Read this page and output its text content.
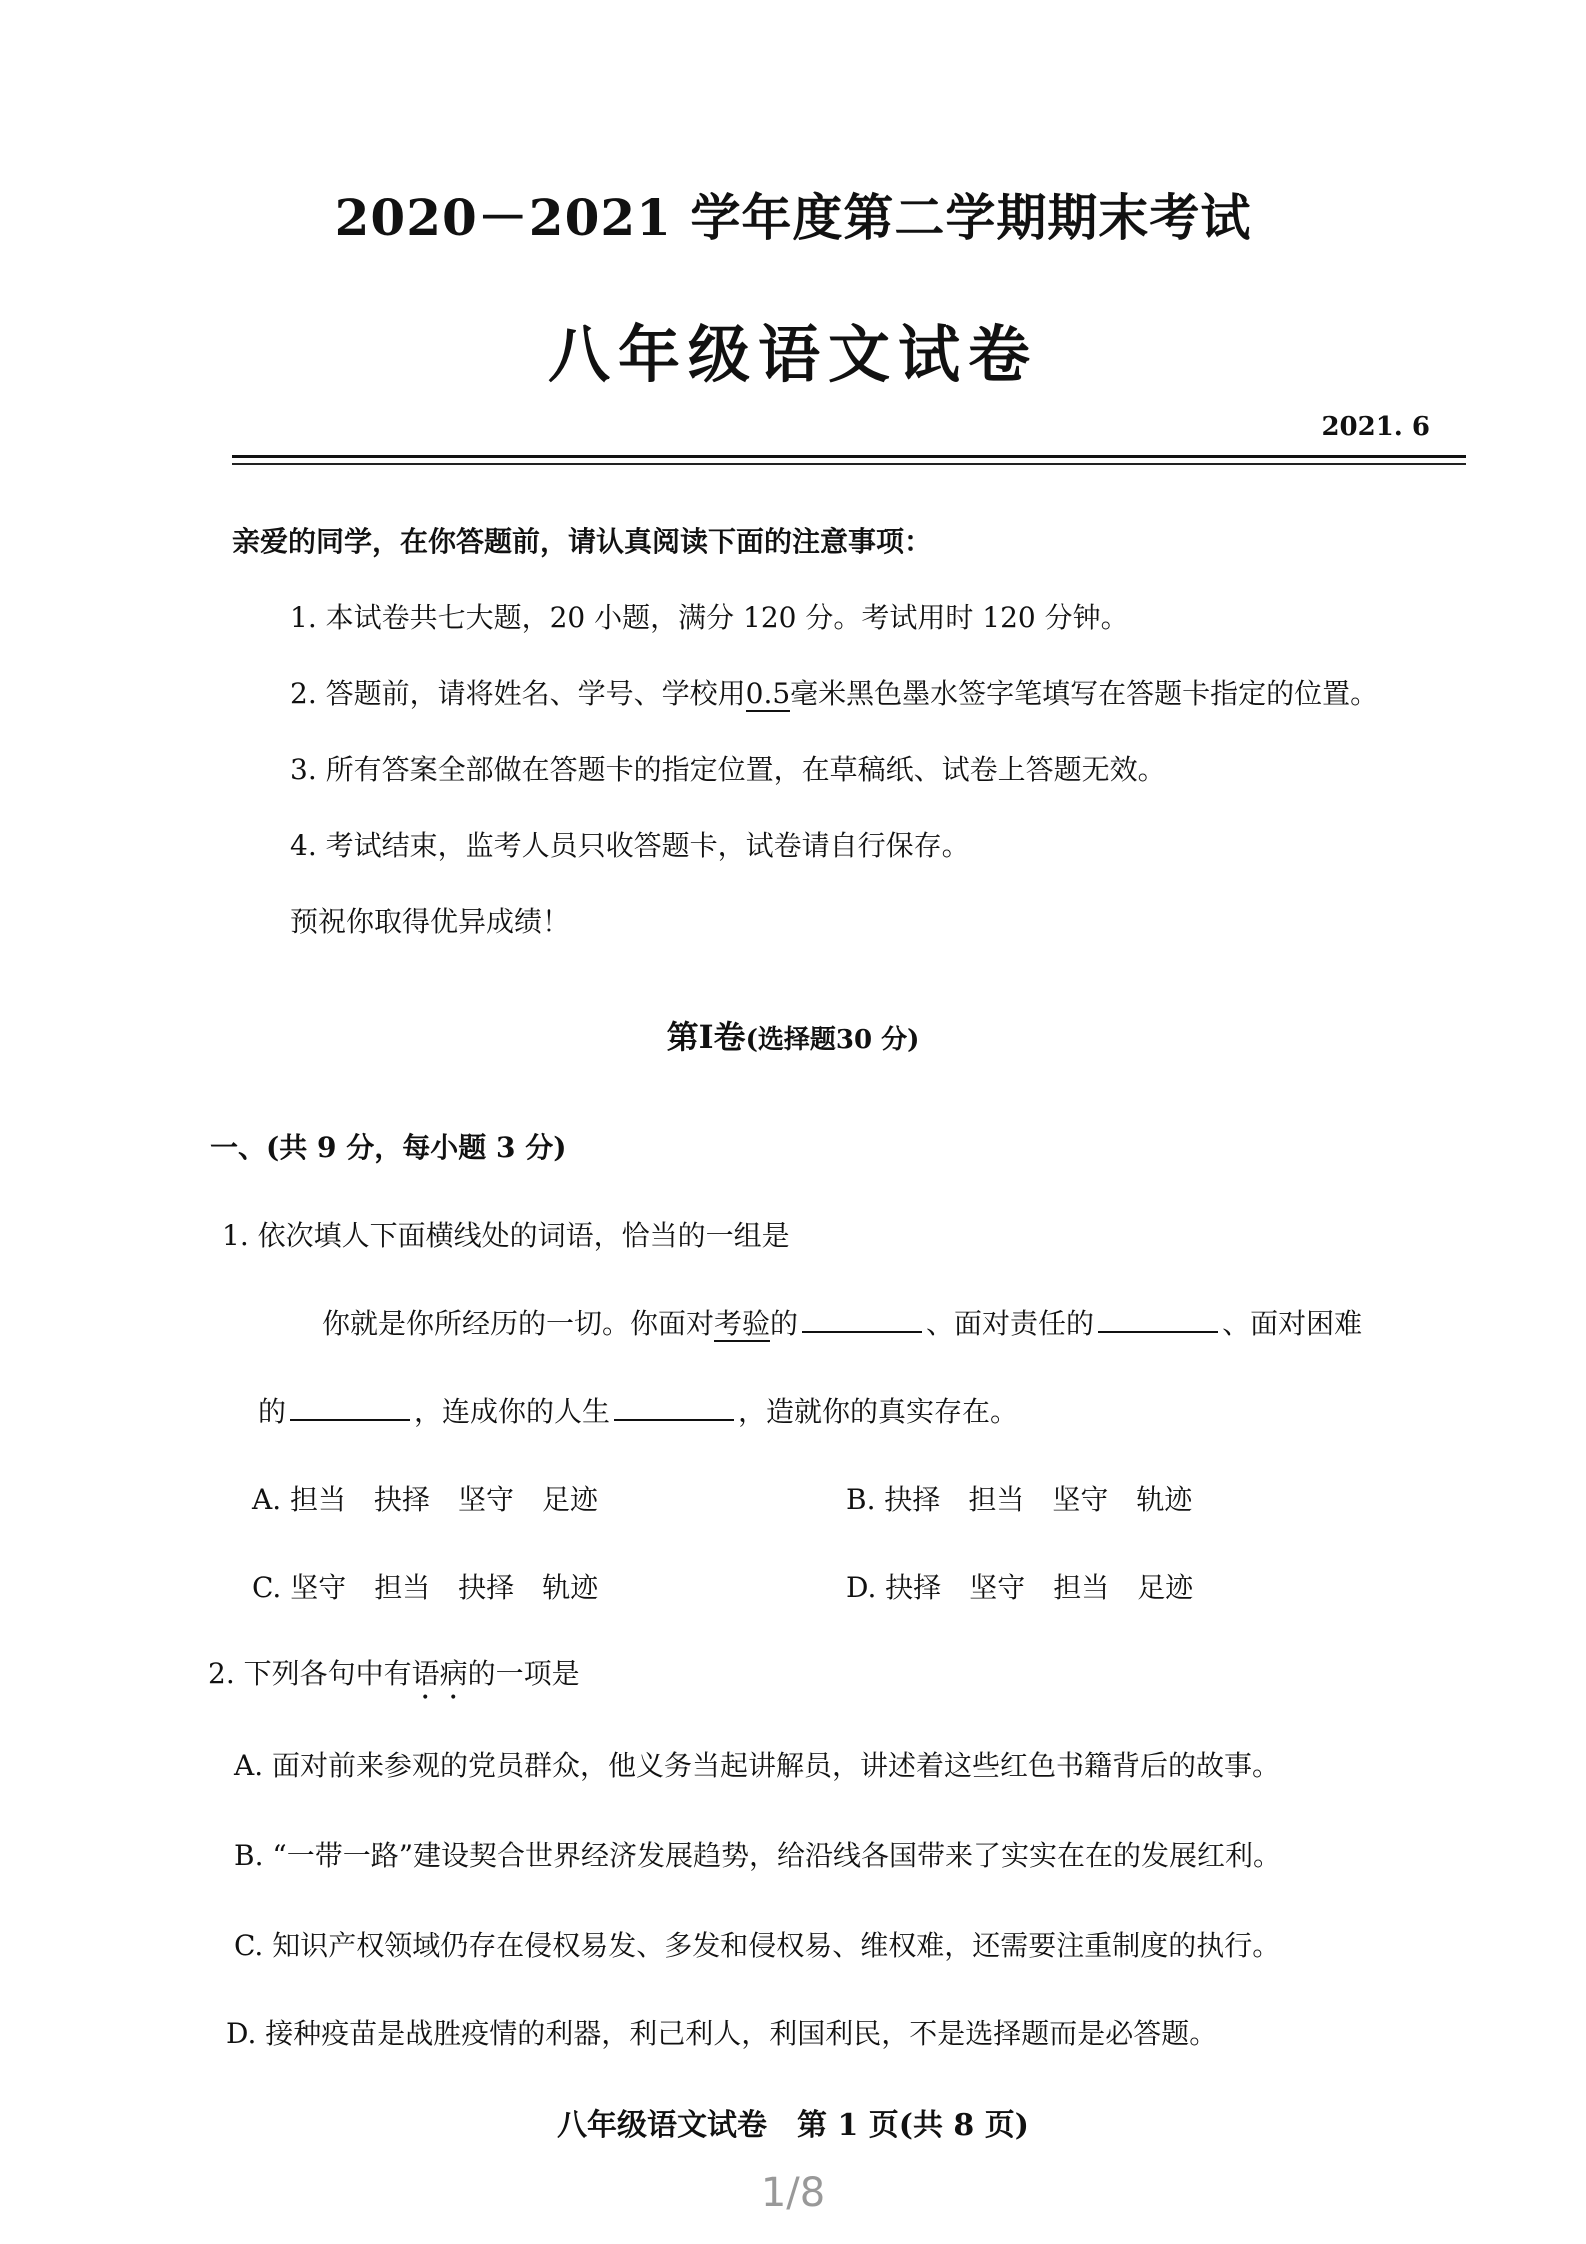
2020－2021 学年度第二学期期末考试
八年级语文试卷
2021. 6
亲爱的同学，在你答题前，请认真阅读下面的注意事项：
1. 本试卷共七大题，20 小题，满分 120 分。考试用时 120 分钟。
2. 答题前，请将姓名、学号、学校用0.5毫米黑色墨水签字笔填写在答题卡指定的位置。
3. 所有答案全部做在答题卡的指定位置，在草稿纸、试卷上答题无效。
4. 考试结束，监考人员只收答题卡，试卷请自行保存。
预祝你取得优异成绩！
第Ⅰ卷(选择题30 分)
一、(共 9 分，每小题 3 分)
1. 依次填人下面横线处的词语，恰当的一组是
你就是你所经历的一切。你面对考验的	、面对责任的	、面对困难
的	，连成你的人生	，造就你的真实存在。
A. 担当　抉择　坚守　足迹	B. 抉择　担当　坚守　轨迹
C. 坚守　担当　抉择　轨迹	D. 抉择　坚守　担当　足迹
2. 下列各句中有语病的一项是
A. 面对前来参观的党员群众，他义务当起讲解员，讲述着这些红色书籍背后的故事。
B. “一带一路”建设契合世界经济发展趋势，给沿线各国带来了实实在在的发展红利。
C. 知识产权领域仍存在侵权易发、多发和侵权易、维权难，还需要注重制度的执行。
D. 接种疫苗是战胜疫情的利器，利己利人，利国利民，不是选择题而是必答题。
八年级语文试卷　第 1 页(共 8 页)
1/8
